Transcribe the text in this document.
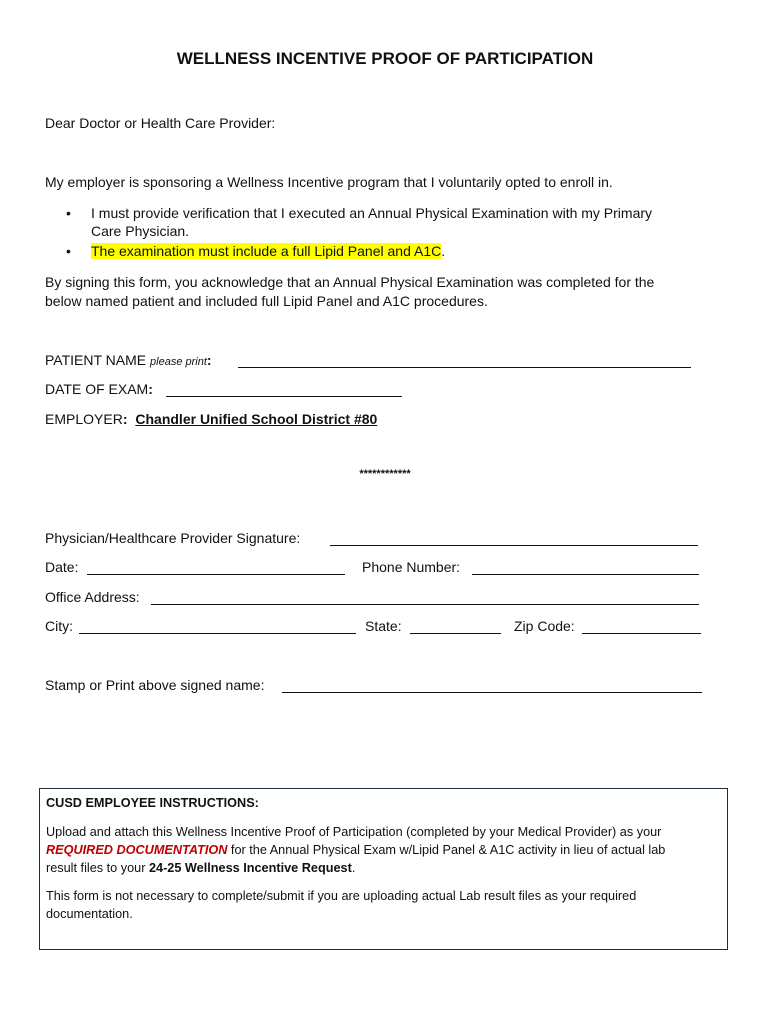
WELLNESS INCENTIVE PROOF OF PARTICIPATION
Dear Doctor or Health Care Provider:
My employer is sponsoring a Wellness Incentive program that I voluntarily opted to enroll in.
• I must provide verification that I executed an Annual Physical Examination with my Primary
Care Physician.
• The examination must include a full Lipid Panel and A1C.
By signing this form, you acknowledge that an Annual Physical Examination was completed for the
below named patient and included full Lipid Panel and A1C procedures.
PATIENT NAME please print:
DATE OF EXAM:
EMPLOYER: Chandler Unified School District #80
************
Physician/Healthcare Provider Signature:
Date:	Phone Number:
Office Address:
City:	State:	Zip Code:
Stamp or Print above signed name:
CUSD EMPLOYEE INSTRUCTIONS:
Upload and attach this Wellness Incentive Proof of Participation (completed by your Medical Provider) as your
REQUIRED DOCUMENTATION for the Annual Physical Exam w/Lipid Panel & A1C activity in lieu of actual lab
result files to your 24-25 Wellness Incentive Request.
This form is not necessary to complete/submit if you are uploading actual Lab result files as your required
documentation.
